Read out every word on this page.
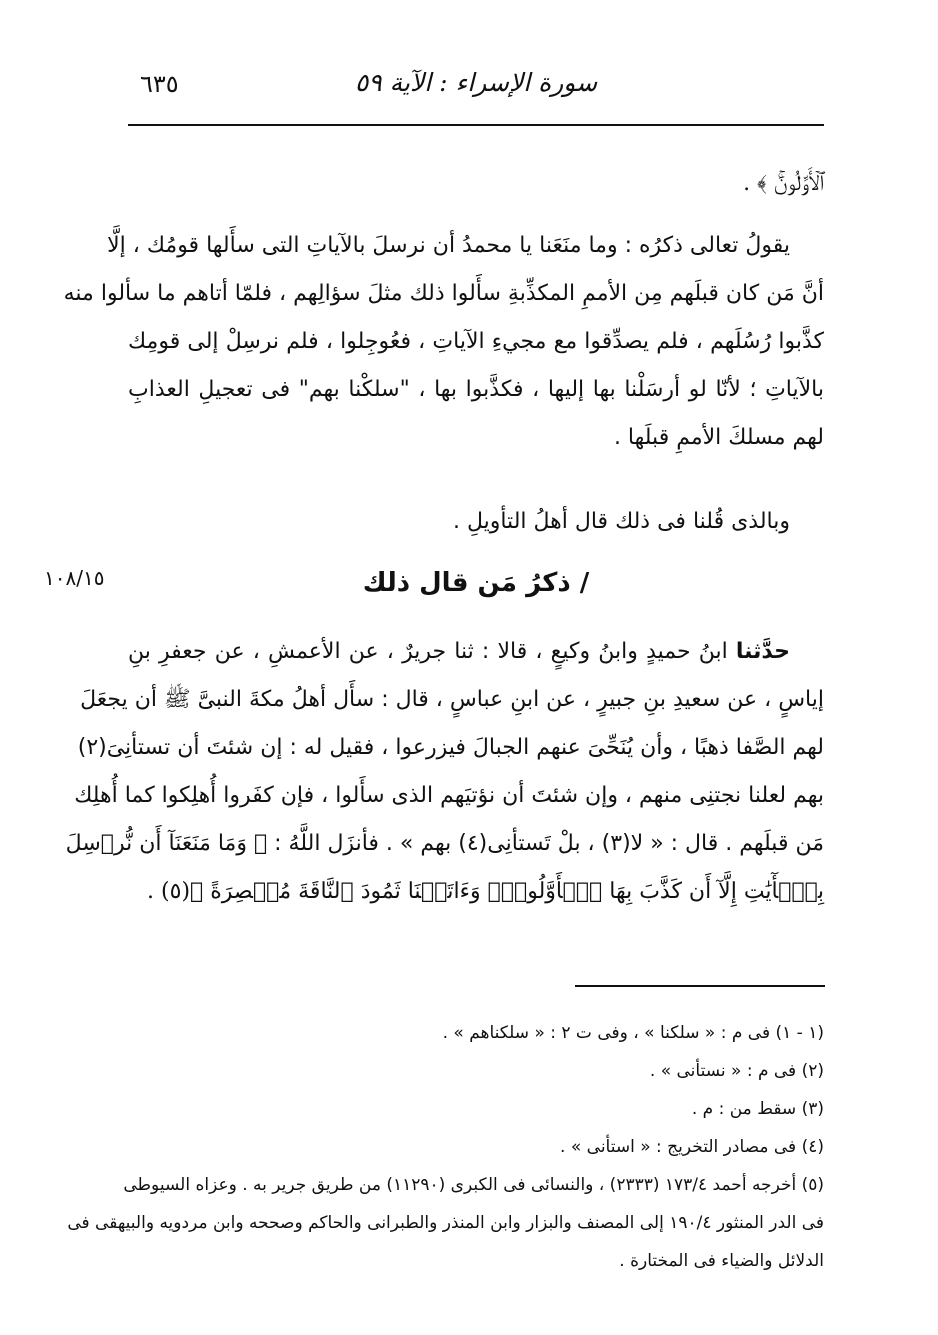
٦٣٥	سورة الإسراء : الآية ٥٩
ﭐلۡأَوَّلُونَۚ ﴾ .
يقولُ تعالى ذكرُه : وما منَعَنا يا محمدُ أن نرسلَ بالآياتِ التى سأَلها قومُك ، إلَّا
أنَّ مَن كان قبلَهم مِن الأممِ المكذِّبةِ سأَلوا ذلك مثلَ سؤالِهم ، فلمّا أتاهم ما سألوا منه
كذَّبوا رُسُلَهم ، فلم يصدِّقوا مع مجيءِ الآياتِ ، فعُوجِلوا ، فلم نرسِلْ إلى قومِك
بالآياتِ ؛ لأنّا لو أرسَلْنا بها إليها ، فكذَّبوا بها ، "سلكْنا بهم" فى تعجيلِ العذابِ
لهم مسلكَ الأممِ قبلَها .
وبالذى قُلنا فى ذلك قال أهلُ التأويلِ .
١٠٨/١٥	/ ذكرُ مَن قال ذلك
حدَّثنا ابنُ حميدٍ وابنُ وكيعٍ ، قالا : ثنا جريرٌ ، عن الأعمشِ ، عن جعفرِ بنِ
إياسٍ ، عن سعيدِ بنِ جبيرٍ ، عن ابنِ عباسٍ ، قال : سأَل أهلُ مكةَ النبىَّ ﷺ أن يجعَلَ
لهم الصَّفا ذهبًا ، وأن يُنَحِّىَ عنهم الجبالَ فيزرعوا ، فقيل له : إن شئتَ أن تستأنِىَ(٢)
بهم لعلنا نجتنِى منهم ، وإن شئتَ أن نؤتيَهم الذى سأَلوا ، فإن كفَروا أُهلِكوا كما أُهلِك
مَن قبلَهم . قال : « لا(٣) ، بلْ تَستأنِى(٤) بهم » . فأنزَل اللَّهُ : ﴿ وَمَا مَنَعَنَآ أَن نُّرۡسِلَ
بِٱلۡأٓيَٰتِ إِلَّآ أَن كَذَّبَ بِهَا ٱلۡأَوَّلُونَۚ وَءَاتَيۡنَا ثَمُودَ ٱلنَّاقَةَ مُبۡصِرَةً ﴾(٥) .
(١ - ١) فى م : « سلكنا » ، وفى ت ٢ : « سلكناهم » .
(٢) فى م : « نستأنى » .
(٣) سقط من : م .
(٤) فى مصادر التخريج : « استأنى » .
(٥) أخرجه أحمد ١٧٣/٤ (٢٣٣٣) ، والنسائى فى الكبرى (١١٢٩٠) من طريق جرير به . وعزاه السيوطى
فى الدر المنثور ١٩٠/٤ إلى المصنف والبزار وابن المنذر والطبرانى والحاكم وصححه وابن مردويه والبيهقى فى
الدلائل والضياء فى المختارة .
